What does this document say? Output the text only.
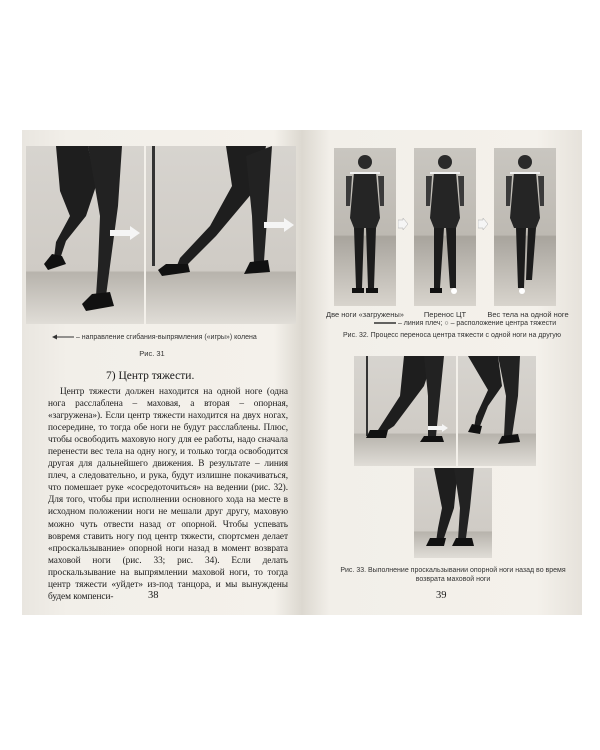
– направление сгибания-выпрямления («игры») колена
Рис. 31
7) Центр тяжести.
Центр тяжести должен находится на одной ноге (одна нога расслаблена – маховая, а вторая – опорная, «загружена»). Если центр тяжести находится на двух ногах, посередине, то тогда обе ноги не будут расслаблены. Плюс, чтобы освободить маховую ногу для ее работы, надо сначала перенести вес тела на одну ногу, и только тогда освободится другая для дальнейшего движения. В результате – линия плеч, а следовательно, и рука, будут излишне покачиваться, что помешает руке «сосредоточиться» на ведении (рис. 32). Для того, чтобы при исполнении основного хода на месте в исходном положении ноги не мешали друг другу, маховую можно чуть отвести назад от опорной. Чтобы успевать вовремя ставить ногу под центр тяжести, спортсмен делает «проскальзывание» опорной ноги назад в момент возврата маховой ноги (рис. 33; рис. 34). Если делать проскальзывание на выпрямлении маховой ноги, то тогда центр тяжести «уйдет» из-под танцора, и мы вынуждены будем компенси-	38
Две ноги «загружены»	Перенос ЦТ	Вес тела на одной ноге
– линия плеч; ○ – расположение центра тяжести
Рис. 32. Процесс переноса центра тяжести с одной ноги на другую
Рис. 33. Выполнение проскальзывании опорной ноги назад во время
возврата маховой ноги
39
